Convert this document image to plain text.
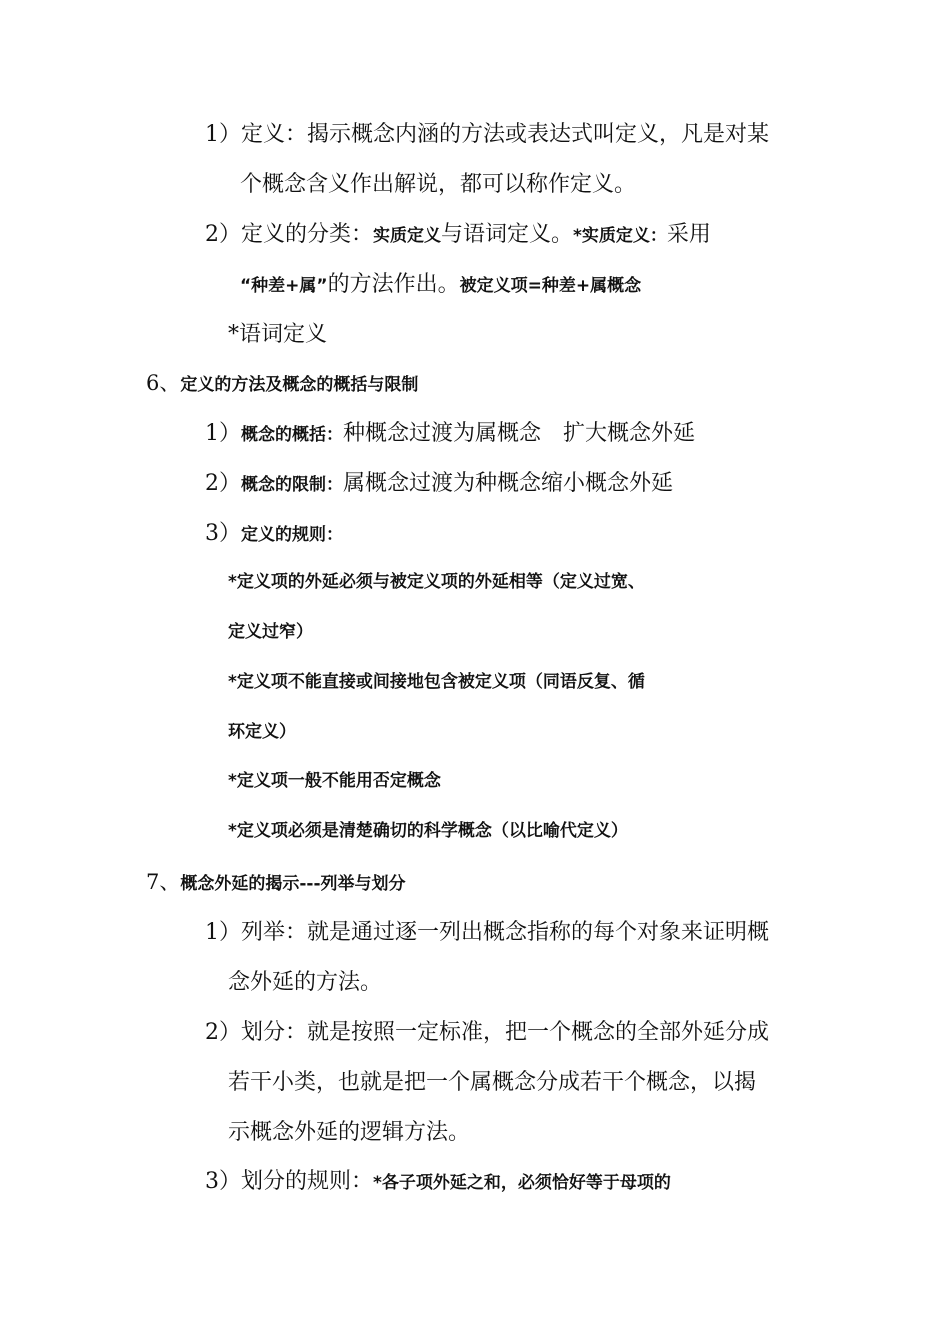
1）定义：揭示概念内涵的方法或表达式叫定义，凡是对某
个概念含义作出解说，都可以称作定义。
2）定义的分类：实质定义与语词定义。*实质定义：采用
“种差+属”的方法作出。被定义项=种差+属概念
*语词定义
6、定义的方法及概念的概括与限制
1）概念的概括：种概念过渡为属概念　扩大概念外延
2）概念的限制：属概念过渡为种概念缩小概念外延
3）定义的规则：
*定义项的外延必须与被定义项的外延相等（定义过宽、
定义过窄）
*定义项不能直接或间接地包含被定义项（同语反复、循
环定义）
*定义项一般不能用否定概念
*定义项必须是清楚确切的科学概念（以比喻代定义）
7、概念外延的揭示---列举与划分
1）列举：就是通过逐一列出概念指称的每个对象来证明概
念外延的方法。
2）划分：就是按照一定标准，把一个概念的全部外延分成
若干小类，也就是把一个属概念分成若干个概念，以揭
示概念外延的逻辑方法。
3）划分的规则：*各子项外延之和，必须恰好等于母项的
